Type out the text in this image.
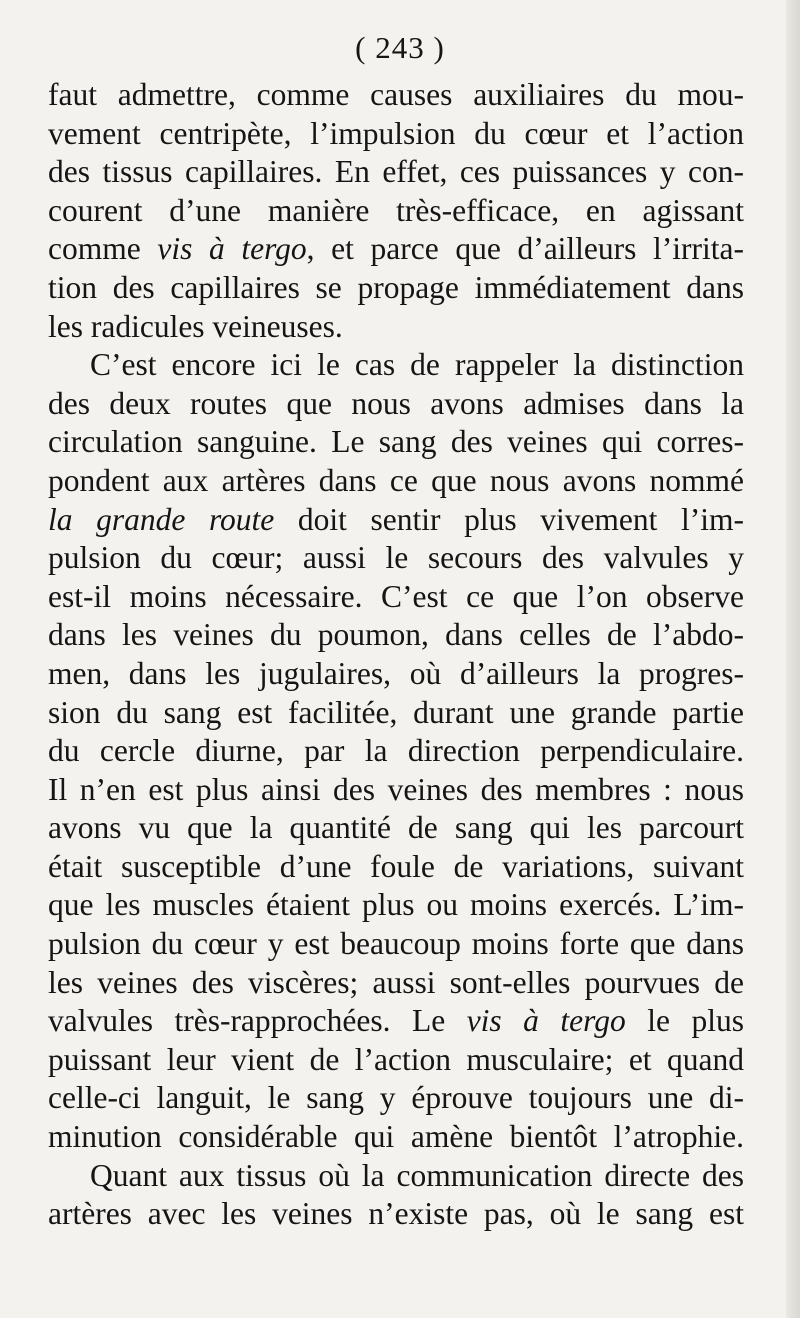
( 243 )
faut admettre, comme causes auxiliaires du mou-
vement centripète, l’impulsion du cœur et l’action
des tissus capillaires. En effet, ces puissances y con-
courent d’une manière très-efficace, en agissant
comme vis à tergo, et parce que d’ailleurs l’irrita-
tion des capillaires se propage immédiatement dans
les radicules veineuses.
C’est encore ici le cas de rappeler la distinction
des deux routes que nous avons admises dans la
circulation sanguine. Le sang des veines qui corres-
pondent aux artères dans ce que nous avons nommé
la grande route doit sentir plus vivement l’im-
pulsion du cœur; aussi le secours des valvules y
est-il moins nécessaire. C’est ce que l’on observe
dans les veines du poumon, dans celles de l’abdo-
men, dans les jugulaires, où d’ailleurs la progres-
sion du sang est facilitée, durant une grande partie
du cercle diurne, par la direction perpendiculaire.
Il n’en est plus ainsi des veines des membres : nous
avons vu que la quantité de sang qui les parcourt
était susceptible d’une foule de variations, suivant
que les muscles étaient plus ou moins exercés. L’im-
pulsion du cœur y est beaucoup moins forte que dans
les veines des viscères; aussi sont-elles pourvues de
valvules très-rapprochées. Le vis à tergo le plus
puissant leur vient de l’action musculaire; et quand
celle-ci languit, le sang y éprouve toujours une di-
minution considérable qui amène bientôt l’atrophie.
Quant aux tissus où la communication directe des
artères avec les veines n’existe pas, où le sang est
